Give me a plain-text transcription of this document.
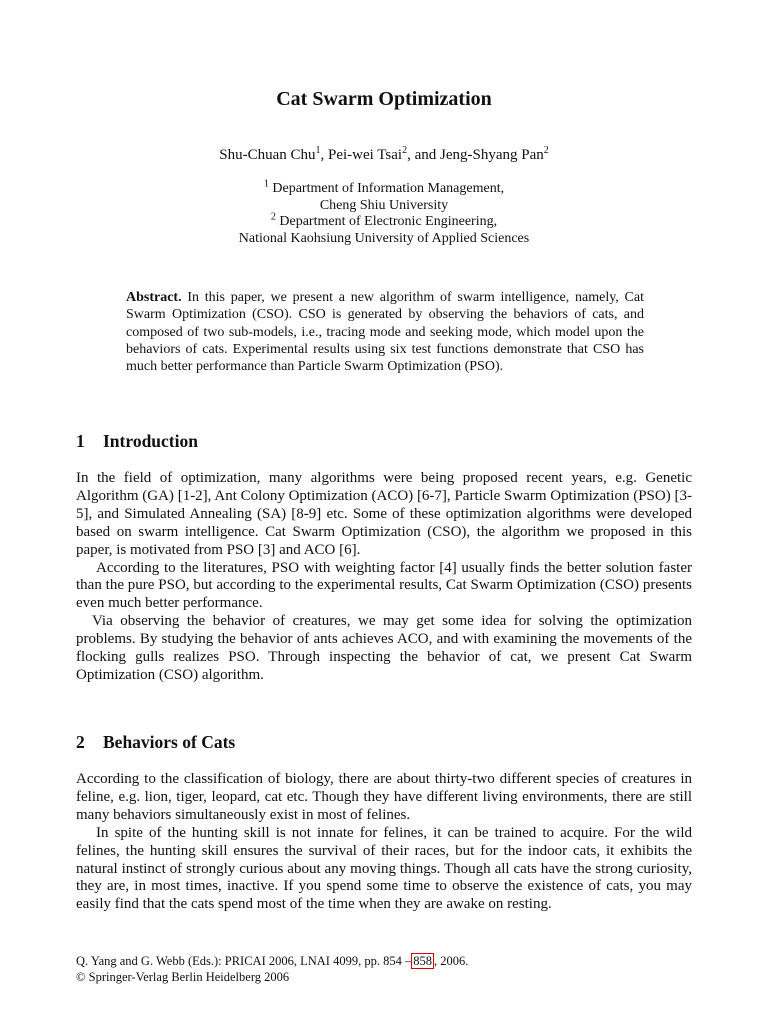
Cat Swarm Optimization
Shu-Chuan Chu$^1$, Pei-wei Tsai$^2$, and Jeng-Shyang Pan$^2$
$^1$ Department of Information Management,
Cheng Shiu University
$^2$ Department of Electronic Engineering,
National Kaohsiung University of Applied Sciences
Abstract. In this paper, we present a new algorithm of swarm intelligence, namely, Cat Swarm Optimization (CSO). CSO is generated by observing the behaviors of cats, and composed of two sub-models, i.e., tracing mode and seeking mode, which model upon the behaviors of cats. Experimental results using six test functions demonstrate that CSO has much better performance than Particle Swarm Optimization (PSO).
1 Introduction

In the field of optimization, many algorithms were being proposed recent years, e.g. Genetic Algorithm (GA) [1-2], Ant Colony Optimization (ACO) [6-7], Particle Swarm Optimization (PSO) [3-5], and Simulated Annealing (SA) [8-9] etc. Some of these optimization algorithms were developed based on swarm intelligence. Cat Swarm Optimization (CSO), the algorithm we proposed in this paper, is motivated from PSO [3] and ACO [6].

According to the literatures, PSO with weighting factor [4] usually finds the better solution faster than the pure PSO, but according to the experimental results, Cat Swarm Optimization (CSO) presents even much better performance.

Via observing the behavior of creatures, we may get some idea for solving the optimization problems. By studying the behavior of ants achieves ACO, and with examining the movements of the flocking gulls realizes PSO. Through inspecting the behavior of cat, we present Cat Swarm Optimization (CSO) algorithm.

2 Behaviors of Cats

According to the classification of biology, there are about thirty-two different species of creatures in feline, e.g. lion, tiger, leopard, cat etc. Though they have different living environments, there are still many behaviors simultaneously exist in most of felines.

In spite of the hunting skill is not innate for felines, it can be trained to acquire. For the wild felines, the hunting skill ensures the survival of their races, but for the indoor cats, it exhibits the natural instinct of strongly curious about any moving things. Though all cats have the strong curiosity, they are, in most times, inactive. If you spend some time to observe the existence of cats, you may easily find that the cats spend most of the time when they are awake on resting.

Q. Yang and G. Webb (Eds.): PRICAI 2006, LNAI 4099, pp. 854 – 858 , 2006.
© Springer-Verlag Berlin Heidelberg 2006
